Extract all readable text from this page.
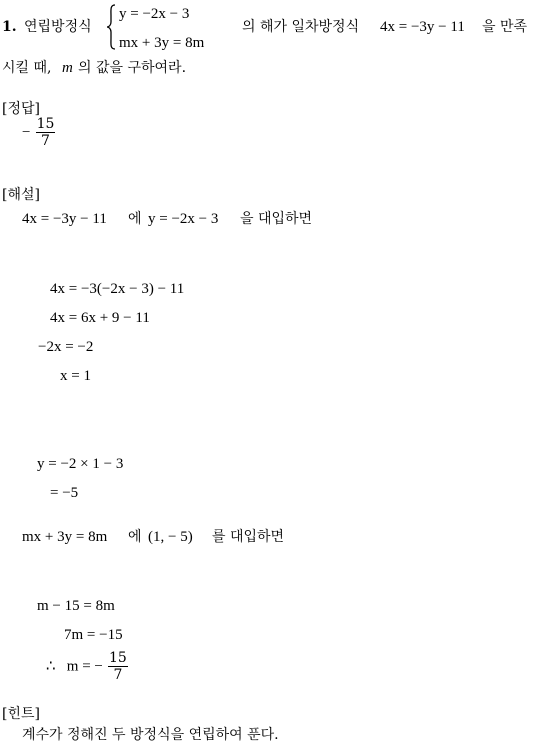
1. 연립방정식
y = −2x − 3
mx + 3y = 8m
의 해가 일차방정식 4x = −3y − 11 을 만족
시킬 때, m 의 값을 구하여라.
[정답]
− $\frac{15}{7}$
[해설]
4x = −3y − 11 에 y = −2x − 3 을 대입하면
4x = −3(−2x − 3) − 11
4x = 6x + 9 − 11
−2x = −2
x = 1
y = −2 × 1 − 3
= −5
mx + 3y = 8m 에 (1, − 5) 를 대입하면
m − 15 = 8m
7m = −15
∴   m = − $\frac{15}{7}$
[힌트]
계수가 정해진 두 방정식을 연립하여 푼다.
